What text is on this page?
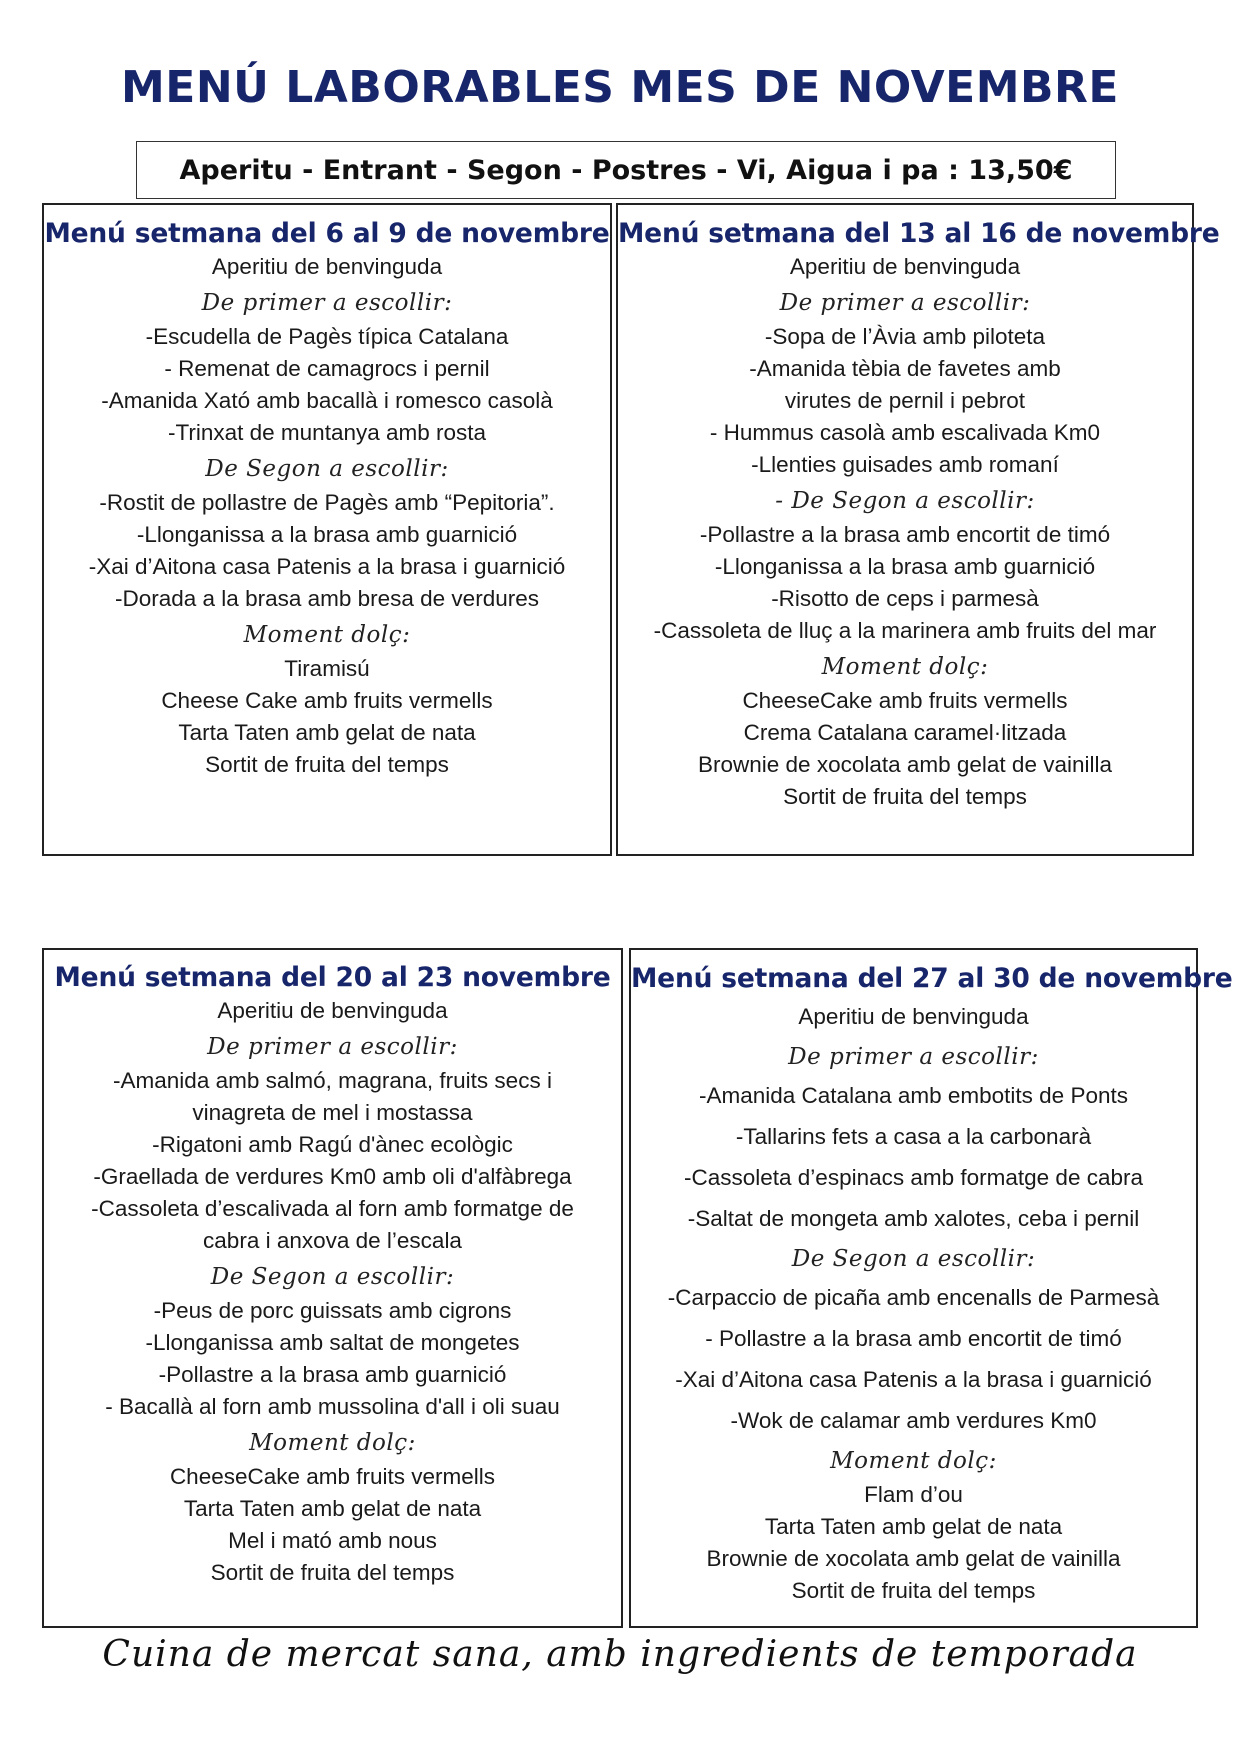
MENÚ LABORABLES MES DE NOVEMBRE
Aperitu - Entrant - Segon - Postres - Vi, Aigua i pa : 13,50€
Menú setmana del 6 al 9 de novembre
Aperitiu de benvinguda
De primer a escollir:
-Escudella de Pagès típica Catalana
- Remenat de camagrocs i pernil
-Amanida Xató amb bacallà i romesco casolà
-Trinxat de muntanya amb rosta
De Segon a escollir:
-Rostit de pollastre de Pagès amb “Pepitoria”.
-Llonganissa a la brasa amb guarnició
-Xai d’Aitona casa Patenis a la brasa i guarnició
-Dorada a la brasa amb bresa de verdures
Moment dolç:
Tiramisú
Cheese Cake amb fruits vermells
Tarta Taten amb gelat de nata
Sortit de fruita del temps
Menú setmana del 13 al 16 de novembre
Aperitiu de benvinguda
De primer a escollir:
-Sopa de l’Àvia amb piloteta
-Amanida tèbia de favetes amb
virutes de pernil i pebrot
- Hummus casolà amb escalivada Km0
-Llenties guisades amb romaní
- De Segon a escollir:
-Pollastre a la brasa amb encortit de timó
-Llonganissa a la brasa amb guarnició
-Risotto de ceps i parmesà
-Cassoleta de lluç a la marinera amb fruits del mar
Moment dolç:
CheeseCake amb fruits vermells
Crema Catalana caramel·litzada
Brownie de xocolata amb gelat de vainilla
Sortit de fruita del temps
Menú setmana del 20 al 23 novembre
Aperitiu de benvinguda
De primer a escollir:
-Amanida amb salmó, magrana, fruits secs i
vinagreta de mel i mostassa
-Rigatoni amb Ragú d'ànec ecològic
-Graellada de verdures Km0 amb oli d'alfàbrega
-Cassoleta d’escalivada al forn amb formatge de
cabra i anxova de l’escala
De Segon a escollir:
-Peus de porc guissats amb cigrons
-Llonganissa amb saltat de mongetes
-Pollastre a la brasa amb guarnició
- Bacallà al forn amb mussolina d'all i oli suau
Moment dolç:
CheeseCake amb fruits vermells
Tarta Taten amb gelat de nata
Mel i mató amb nous
Sortit de fruita del temps
Menú setmana del 27 al 30 de novembre
Aperitiu de benvinguda
De primer a escollir:
-Amanida Catalana amb embotits de Ponts
-Tallarins fets a casa a la carbonarà
-Cassoleta d’espinacs amb formatge de cabra
-Saltat de mongeta amb xalotes, ceba i pernil
De Segon a escollir:
-Carpaccio de picaña amb encenalls de Parmesà
- Pollastre a la brasa amb encortit de timó
-Xai d’Aitona casa Patenis a la brasa i guarnició
-Wok de calamar amb verdures Km0
Moment dolç:
Flam d’ou
Tarta Taten amb gelat de nata
Brownie de xocolata amb gelat de vainilla
Sortit de fruita del temps
Cuina de mercat sana, amb ingredients de temporada
